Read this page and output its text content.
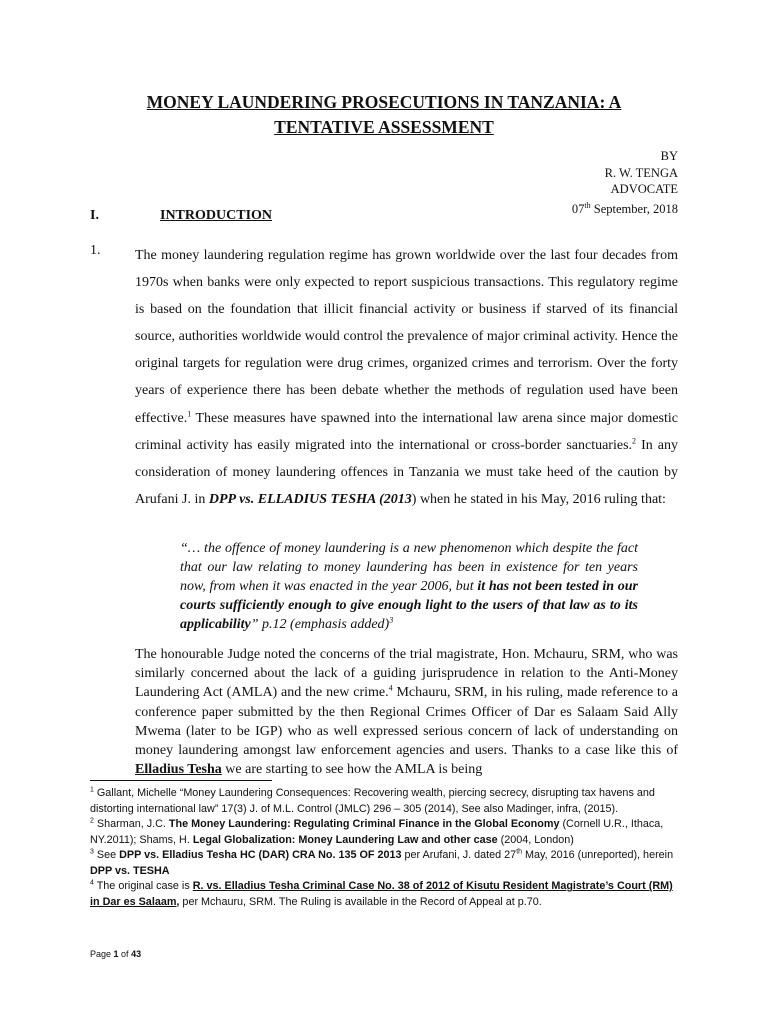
MONEY LAUNDERING PROSECUTIONS IN TANZANIA: A
TENTATIVE ASSESSMENT
BY
R. W. TENGA
ADVOCATE
07th September, 2018
I.	INTRODUCTION
1. The money laundering regulation regime has grown worldwide over the last four decades from 1970s when banks were only expected to report suspicious transactions. This regulatory regime is based on the foundation that illicit financial activity or business if starved of its financial source, authorities worldwide would control the prevalence of major criminal activity. Hence the original targets for regulation were drug crimes, organized crimes and terrorism. Over the forty years of experience there has been debate whether the methods of regulation used have been effective.$^1$ These measures have spawned into the international law arena since major domestic criminal activity has easily migrated into the international or cross-border sanctuaries.$^2$ In any consideration of money laundering offences in Tanzania we must take heed of the caution by Arufani J. in DPP vs. ELLADIUS TESHA (2013) when he stated in his May, 2016 ruling that:
“… the offence of money laundering is a new phenomenon which despite the fact that our law relating to money laundering has been in existence for ten years now, from when it was enacted in the year 2006, but it has not been tested in our courts sufficiently enough to give enough light to the users of that law as to its applicability” p.12 (emphasis added)$^3$
The honourable Judge noted the concerns of the trial magistrate, Hon. Mchauru, SRM, who was similarly concerned about the lack of a guiding jurisprudence in relation to the Anti-Money Laundering Act (AMLA) and the new crime.$^4$ Mchauru, SRM, in his ruling, made reference to a conference paper submitted by the then Regional Crimes Officer of Dar es Salaam Said Ally Mwema (later to be IGP) who as well expressed serious concern of lack of understanding on money laundering amongst law enforcement agencies and users. Thanks to a case like this of Elladius Tesha we are starting to see how the AMLA is being

$^1$ Gallant, Michelle “Money Laundering Consequences: Recovering wealth, piercing secrecy, disrupting tax havens and distorting international law” 17(3) J. of M.L. Control (JMLC) 296 – 305 (2014), See also Madinger, infra, (2015).

$^2$ Sharman, J.C. The Money Laundering: Regulating Criminal Finance in the Global Economy (Cornell U.R., Ithaca, NY.2011); Shams, H. Legal Globalization: Money Laundering Law and other case (2004, London)

$^3$ See DPP vs. Elladius Tesha HC (DAR) CRA No. 135 OF 2013 per Arufani, J. dated 27th May, 2016 (unreported), herein DPP vs. TESHA

$^4$ The original case is R. vs. Elladius Tesha Criminal Case No. 38 of 2012 of Kisutu Resident Magistrate’s Court (RM) in Dar es Salaam, per Mchauru, SRM. The Ruling is available in the Record of Appeal at p.70.

Page 1 of 43
